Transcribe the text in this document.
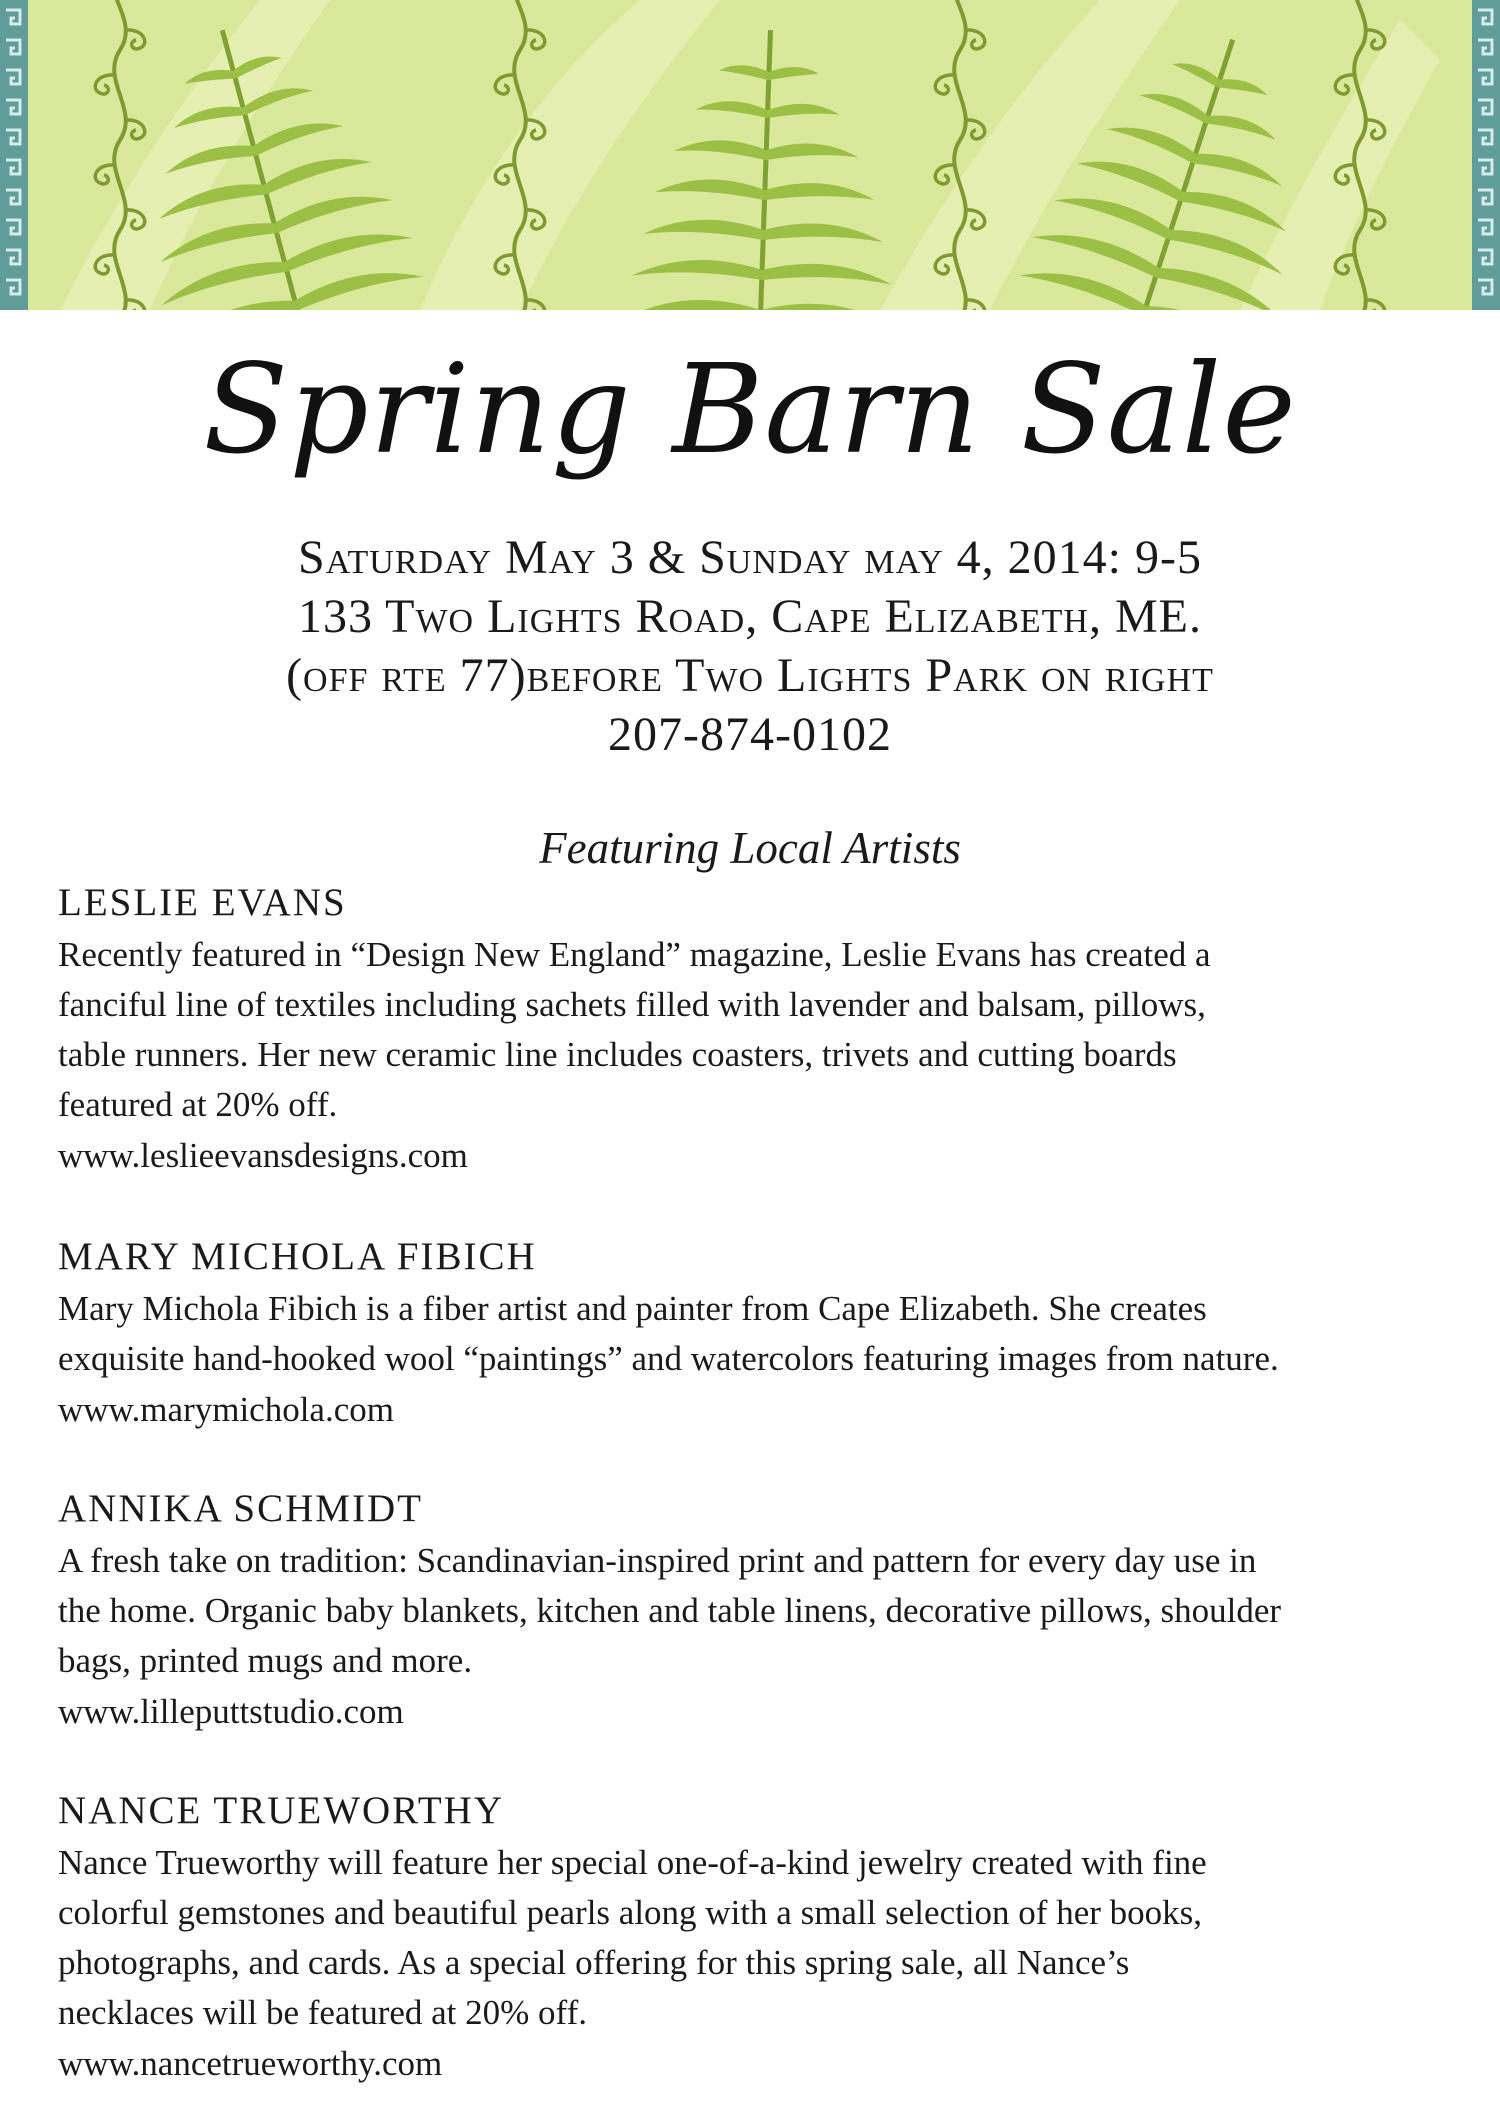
Spring Barn Sale
Saturday May 3 & Sunday may 4, 2014: 9-5
133 Two Lights Road, Cape Elizabeth, ME.
(off rte 77)before Two Lights Park on right
207-874-0102
Featuring Local Artists
LESLIE EVANS
Recently featured in “Design New England” magazine, Leslie Evans has created a
fanciful line of textiles including sachets filled with lavender and balsam, pillows,
table runners. Her new ceramic line includes coasters, trivets and cutting boards
featured at 20% off.
www.leslieevansdesigns.com
MARY MICHOLA FIBICH
Mary Michola Fibich is a fiber artist and painter from Cape Elizabeth. She creates
exquisite hand-hooked wool “paintings” and watercolors featuring images from nature.
www.marymichola.com
ANNIKA SCHMIDT
A fresh take on tradition: Scandinavian-inspired print and pattern for every day use in
the home. Organic baby blankets, kitchen and table linens, decorative pillows, shoulder
bags, printed mugs and more.
www.lilleputtstudio.com
NANCE TRUEWORTHY
Nance Trueworthy will feature her special one-of-a-kind jewelry created with fine
colorful gemstones and beautiful pearls along with a small selection of her books,
photographs, and cards. As a special offering for this spring sale, all Nance’s
necklaces will be featured at 20% off.
www.nancetrueworthy.com
